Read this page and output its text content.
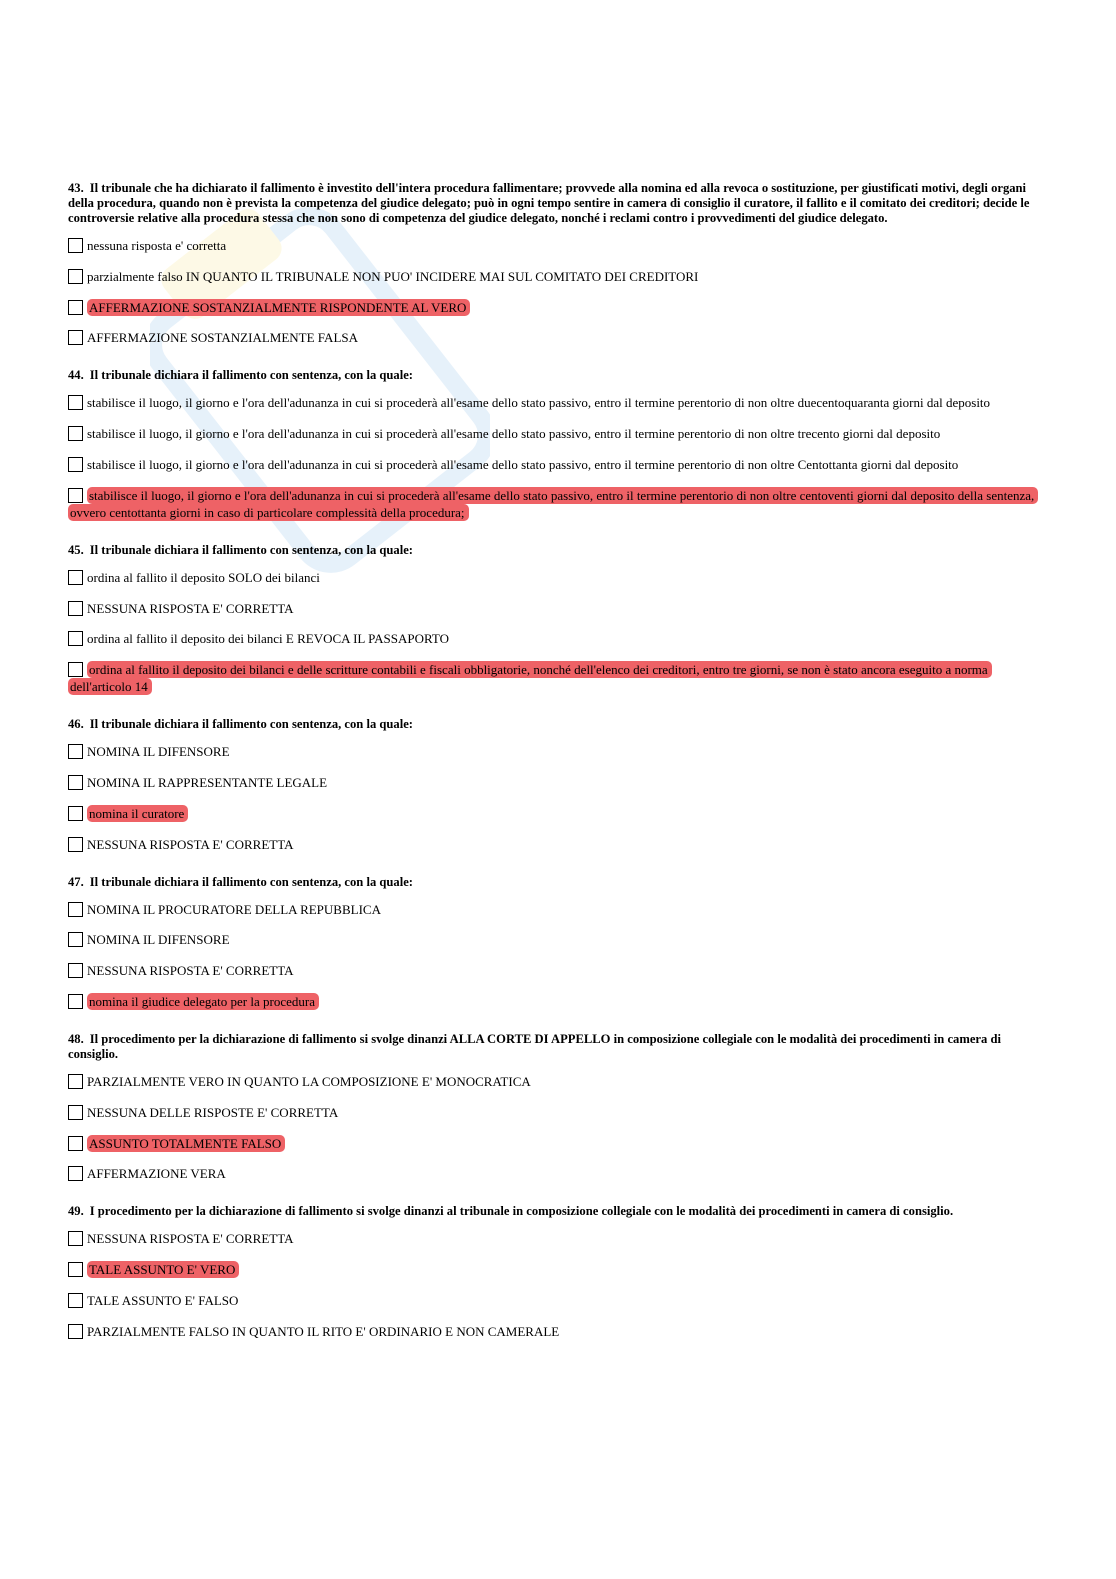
43. Il tribunale che ha dichiarato il fallimento è investito dell'intera procedura fallimentare; provvede alla nomina ed alla revoca o sostituzione, per giustificati motivi, degli organi della procedura, quando non è prevista la competenza del giudice delegato; può in ogni tempo sentire in camera di consiglio il curatore, il fallito e il comitato dei creditori; decide le controversie relative alla procedura stessa che non sono di competenza del giudice delegato, nonché i reclami contro i provvedimenti del giudice delegato.

nessuna risposta e' corretta
parzialmente falso IN QUANTO IL TRIBUNALE NON PUO' INCIDERE MAI SUL COMITATO DEI CREDITORI
AFFERMAZIONE SOSTANZIALMENTE RISPONDENTE AL VERO
AFFERMAZIONE SOSTANZIALMENTE FALSA

44. Il tribunale dichiara il fallimento con sentenza, con la quale:

stabilisce il luogo, il giorno e l'ora dell'adunanza in cui si procederà all'esame dello stato passivo, entro il termine perentorio di non oltre duecentoquaranta giorni dal deposito
stabilisce il luogo, il giorno e l'ora dell'adunanza in cui si procederà all'esame dello stato passivo, entro il termine perentorio di non oltre trecento giorni dal deposito
stabilisce il luogo, il giorno e l'ora dell'adunanza in cui si procederà all'esame dello stato passivo, entro il termine perentorio di non oltre Centottanta giorni dal deposito
stabilisce il luogo, il giorno e l'ora dell'adunanza in cui si procederà all'esame dello stato passivo, entro il termine perentorio di non oltre centoventi giorni dal deposito della sentenza, ovvero centottanta giorni in caso di particolare complessità della procedura;

45. Il tribunale dichiara il fallimento con sentenza, con la quale:

ordina al fallito il deposito SOLO dei bilanci
NESSUNA RISPOSTA E' CORRETTA
ordina al fallito il deposito dei bilanci E REVOCA IL PASSAPORTO
ordina al fallito il deposito dei bilanci e delle scritture contabili e fiscali obbligatorie, nonché dell'elenco dei creditori, entro tre giorni, se non è stato ancora eseguito a norma dell'articolo 14

46. Il tribunale dichiara il fallimento con sentenza, con la quale:

NOMINA IL DIFENSORE
NOMINA IL RAPPRESENTANTE LEGALE
nomina il curatore
NESSUNA RISPOSTA E' CORRETTA

47. Il tribunale dichiara il fallimento con sentenza, con la quale:

NOMINA IL PROCURATORE DELLA REPUBBLICA
NOMINA IL DIFENSORE
NESSUNA RISPOSTA E' CORRETTA
nomina il giudice delegato per la procedura

48. Il procedimento per la dichiarazione di fallimento si svolge dinanzi ALLA CORTE DI APPELLO in composizione collegiale con le modalità dei procedimenti in camera di consiglio.

PARZIALMENTE VERO IN QUANTO LA COMPOSIZIONE E' MONOCRATICA
NESSUNA DELLE RISPOSTE E' CORRETTA
ASSUNTO TOTALMENTE FALSO
AFFERMAZIONE VERA

49. I procedimento per la dichiarazione di fallimento si svolge dinanzi al tribunale in composizione collegiale con le modalità dei procedimenti in camera di consiglio.

NESSUNA RISPOSTA E' CORRETTA
TALE ASSUNTO E' VERO
TALE ASSUNTO E' FALSO
PARZIALMENTE FALSO IN QUANTO IL RITO E' ORDINARIO E NON CAMERALE
